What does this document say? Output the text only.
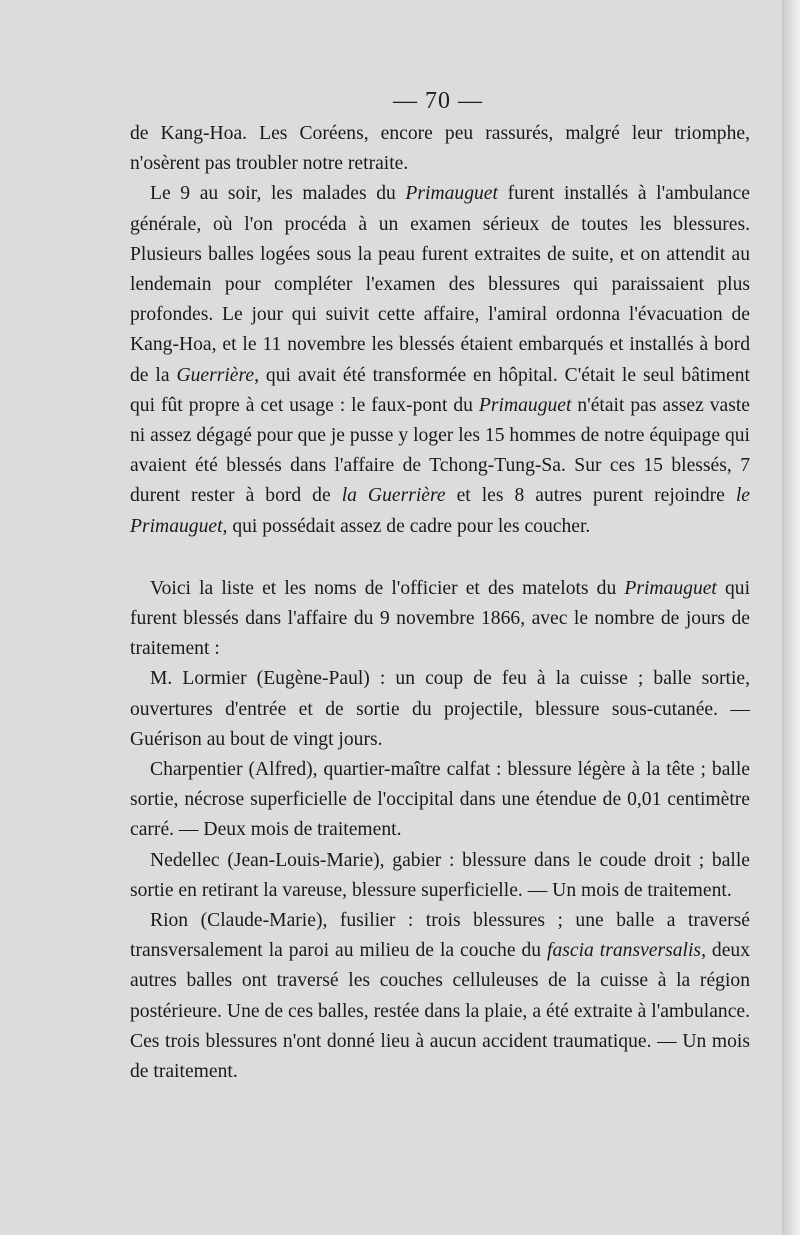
— 70 —

de Kang-Hoa. Les Coréens, encore peu rassurés, malgré leur triomphe, n'osèrent pas troubler notre retraite.

Le 9 au soir, les malades du Primauguet furent installés à l'ambulance générale, où l'on procéda à un examen sérieux de toutes les blessures. Plusieurs balles logées sous la peau furent extraites de suite, et on attendit au lendemain pour compléter l'examen des blessures qui paraissaient plus profondes. Le jour qui suivit cette affaire, l'amiral ordonna l'évacuation de Kang-Hoa, et le 11 novembre les blessés étaient embarqués et installés à bord de la Guerrière, qui avait été transformée en hôpital. C'était le seul bâtiment qui fût propre à cet usage : le faux-pont du Primauguet n'était pas assez vaste ni assez dégagé pour que je pusse y loger les 15 hommes de notre équipage qui avaient été blessés dans l'affaire de Tchong-Tung-Sa. Sur ces 15 blessés, 7 durent rester à bord de la Guerrière et les 8 autres purent rejoindre le Primauguet, qui possédait assez de cadre pour les coucher.

Voici la liste et les noms de l'officier et des matelots du Primauguet qui furent blessés dans l'affaire du 9 novembre 1866, avec le nombre de jours de traitement :

M. Lormier (Eugène-Paul) : un coup de feu à la cuisse ; balle sortie, ouvertures d'entrée et de sortie du projectile, blessure sous-cutanée. — Guérison au bout de vingt jours.

Charpentier (Alfred), quartier-maître calfat : blessure légère à la tête ; balle sortie, nécrose superficielle de l'occipital dans une étendue de 0,01 centimètre carré. — Deux mois de traitement.

Nedellec (Jean-Louis-Marie), gabier : blessure dans le coude droit ; balle sortie en retirant la vareuse, blessure superficielle. — Un mois de traitement.

Rion (Claude-Marie), fusilier : trois blessures ; une balle a traversé transversalement la paroi au milieu de la couche du fascia transversalis, deux autres balles ont traversé les couches celluleuses de la cuisse à la région postérieure. Une de ces balles, restée dans la plaie, a été extraite à l'ambulance. Ces trois blessures n'ont donné lieu à aucun accident traumatique. — Un mois de traitement.
